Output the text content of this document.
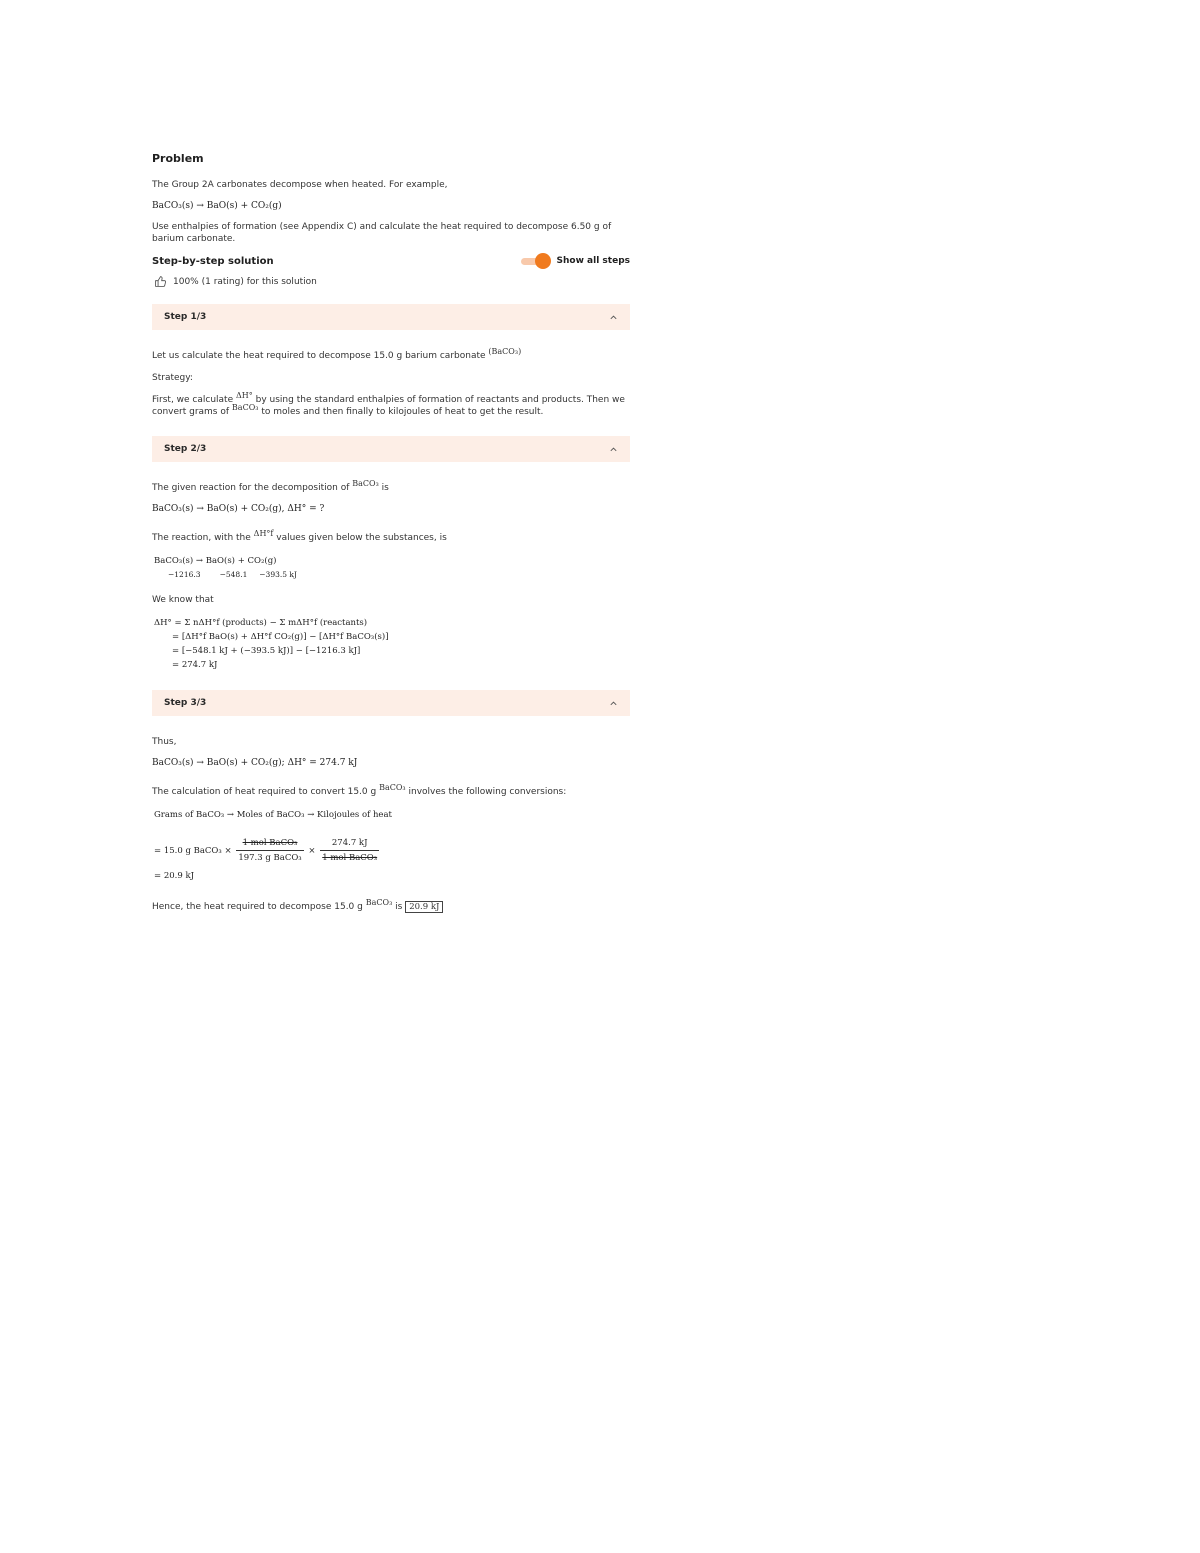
Problem
The Group 2A carbonates decompose when heated. For example,
BaCO₃(s) → BaO(s) + CO₂(g)
Use enthalpies of formation (see Appendix C) and calculate the heat required to decompose 6.50 g of barium carbonate.
Step-by-step solution	Show all steps
100% (1 rating) for this solution
Step 1/3
Let us calculate the heat required to decompose 15.0 g barium carbonate (BaCO₃)
Strategy:
First, we calculate ΔH° by using the standard enthalpies of formation of reactants and products. Then we convert grams of BaCO₃ to moles and then finally to kilojoules of heat to get the result.
Step 2/3
The given reaction for the decomposition of BaCO₃ is
BaCO₃(s) → BaO(s) + CO₂(g), ΔH° = ?
The reaction, with the ΔH°f values given below the substances, is
BaCO₃(s) → BaO(s) + CO₂(g)
−1216.3        −548.1     −393.5 kJ
We know that
ΔH° = Σ nΔH°f (products) − Σ mΔH°f (reactants)
= [ΔH°f BaO(s) + ΔH°f CO₂(g)] − [ΔH°f BaCO₃(s)]
= [−548.1 kJ + (−393.5 kJ)] − [−1216.3 kJ]
= 274.7 kJ
Step 3/3
Thus,
BaCO₃(s) → BaO(s) + CO₂(g); ΔH° = 274.7 kJ
The calculation of heat required to convert 15.0 g BaCO₃ involves the following conversions:
Grams of BaCO₃ → Moles of BaCO₃ → Kilojoules of heat
= 15.0 g BaCO₃ × $\frac{\text{1 mol BaCO₃}}{\text{197.3 g BaCO₃}} \times \frac{274.7 kJ}{\text{1 mol BaCO₃}}$
= 20.9 kJ
Hence, the heat required to decompose 15.0 g BaCO₃ is 20.9 kJ
